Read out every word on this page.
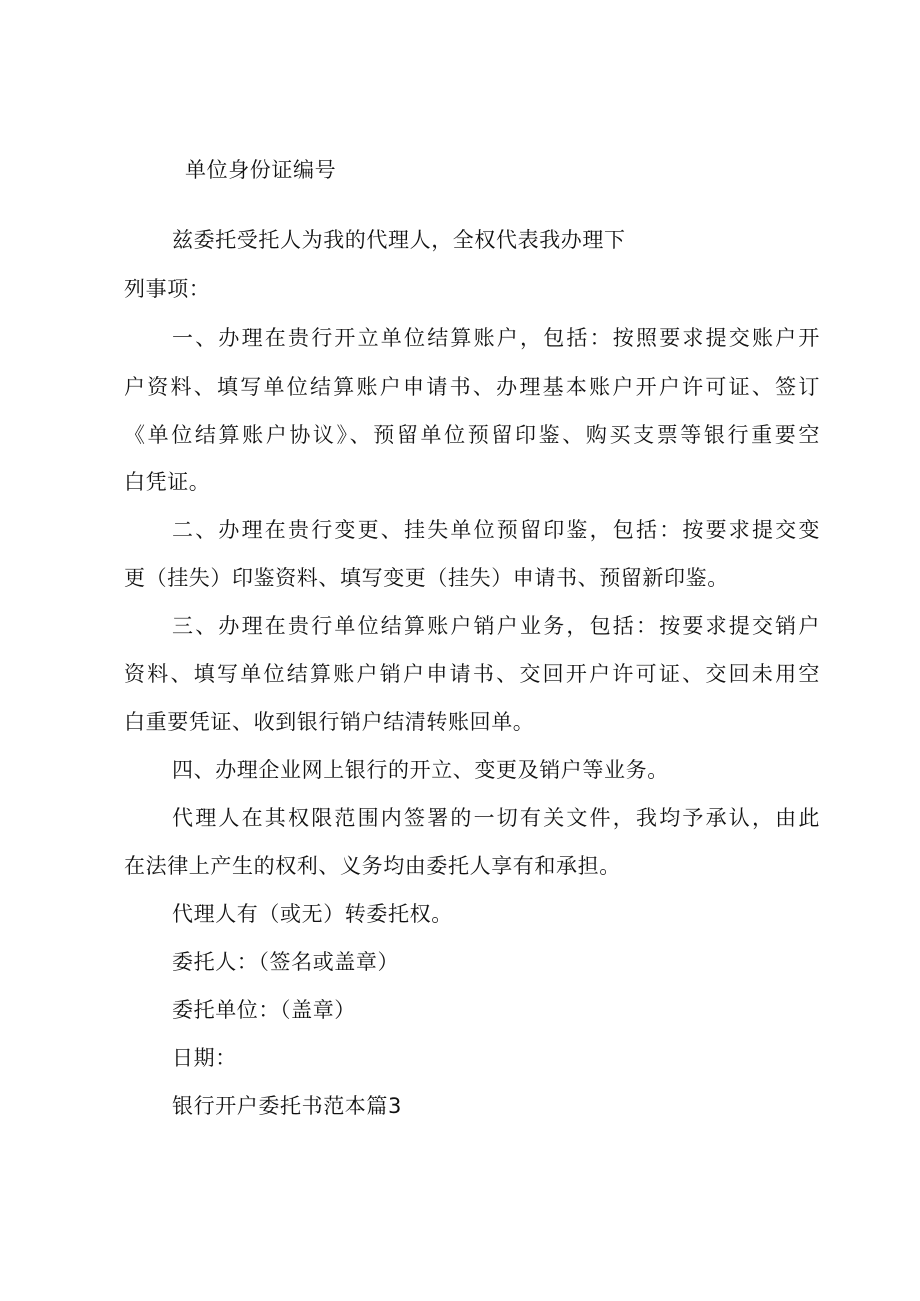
单位身份证编号
兹委托受托人为我的代理人，全权代表我办理下
列事项：
一、办理在贵行开立单位结算账户，包括：按照要求提交账户开
户资料、填写单位结算账户申请书、办理基本账户开户许可证、签订
《单位结算账户协议》、预留单位预留印鉴、购买支票等银行重要空
白凭证。
二、办理在贵行变更、挂失单位预留印鉴，包括：按要求提交变
更（挂失）印鉴资料、填写变更（挂失）申请书、预留新印鉴。
三、办理在贵行单位结算账户销户业务，包括：按要求提交销户
资料、填写单位结算账户销户申请书、交回开户许可证、交回未用空
白重要凭证、收到银行销户结清转账回单。
四、办理企业网上银行的开立、变更及销户等业务。
代理人在其权限范围内签署的一切有关文件，我均予承认，由此
在法律上产生的权利、义务均由委托人享有和承担。
代理人有（或无）转委托权。
委托人：（签名或盖章）
委托单位：（盖章）
日期：
银行开户委托书范本篇3
